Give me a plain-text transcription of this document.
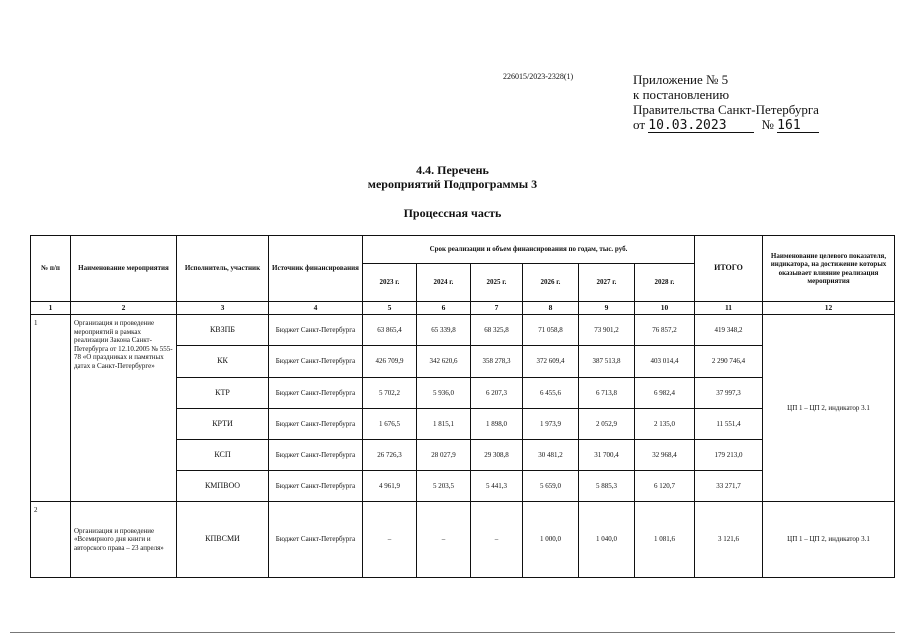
226015/2023-2328(1)	Приложение № 5
к постановлению
Правительства Санкт-Петербурга
от 10.03.2023	№ 161
4.4. Перечень
мероприятий Подпрограммы 3
Процессная часть
№ п/п	Наименование мероприятия	Исполнитель, участник	Источник финансирования	Срок реализации и объем финансирования по годам, тыс. руб.						ИТОГО	Наименование целевого показателя, индикатора, на достижение которых оказывает влияние реализация мероприятия
				2023 г.	2024 г.	2025 г.	2026 г.	2027 г.	2028 г.		
1	2	3	4	5	6	7	8	9	10	11	12
1	Организация и проведение мероприятий в рамках реализации Закона Санкт-Петербурга от 12.10.2005 № 555-78 «О праздниках и памятных датах в Санкт-Петербурге»	КВЗПБ	Бюджет Санкт-Петербурга	63 865,4	65 339,8	68 325,8	71 058,8	73 901,2	76 857,2	419 348,2	ЦП 1 – ЦП 2, индикатор 3.1
		КК	Бюджет Санкт-Петербурга	426 709,9	342 620,6	358 278,3	372 609,4	387 513,8	403 014,4	2 290 746,4	
		КТР	Бюджет Санкт-Петербурга	5 702,2	5 936,0	6 207,3	6 455,6	6 713,8	6 982,4	37 997,3	
		КРТИ	Бюджет Санкт-Петербурга	1 676,5	1 815,1	1 898,0	1 973,9	2 052,9	2 135,0	11 551,4	
		КСП	Бюджет Санкт-Петербурга	26 726,3	28 027,9	29 308,8	30 481,2	31 700,4	32 968,4	179 213,0	
		КМПВОО	Бюджет Санкт-Петербурга	4 961,9	5 203,5	5 441,3	5 659,0	5 885,3	6 120,7	33 271,7	
2	Организация и проведение «Всемирного дня книги и авторского права – 23 апреля»	КПВСМИ	Бюджет Санкт-Петербурга	–	–	–	1 000,0	1 040,0	1 081,6	3 121,6	ЦП 1 – ЦП 2, индикатор 3.1
